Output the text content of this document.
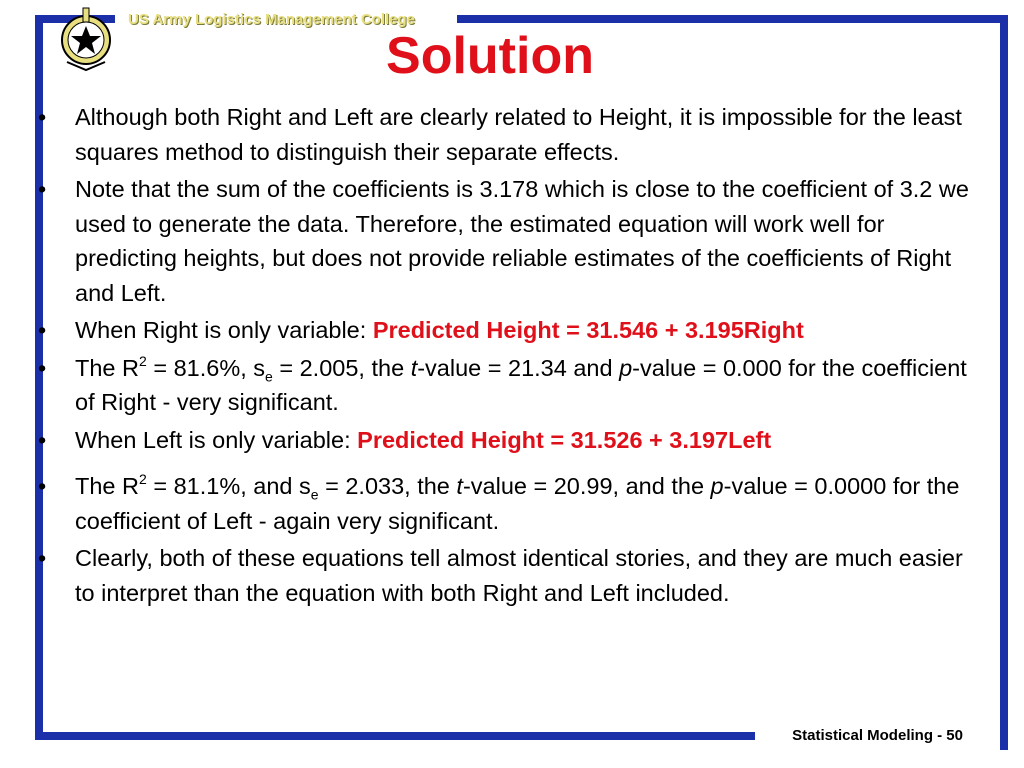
US Army Logistics Management College
Solution
• Although both Right and Left are clearly related to Height, it is impossible for the least squares method to distinguish their separate effects.
• Note that the sum of the coefficients is 3.178 which is close to the coefficient of 3.2 we used to generate the data. Therefore, the estimated equation will work well for predicting heights, but does not provide reliable estimates of the coefficients of Right and Left.
• When Right is only variable: Predicted Height = 31.546 + 3.195Right
• The $R^2 = 81.6\%$, $s_e = 2.005$, the t-value = 21.34 and p-value = 0.000 for the coefficient of Right - very significant.
• When Left is only variable: Predicted Height = 31.526 + 3.197Left
• The $R^2 = 81.1\%$, and $s_e = 2.033$, the t-value = 20.99, and the p-value = 0.0000 for the coefficient of Left - again very significant.
• Clearly, both of these equations tell almost identical stories, and they are much easier to interpret than the equation with both Right and Left included.
Statistical Modeling - 50
